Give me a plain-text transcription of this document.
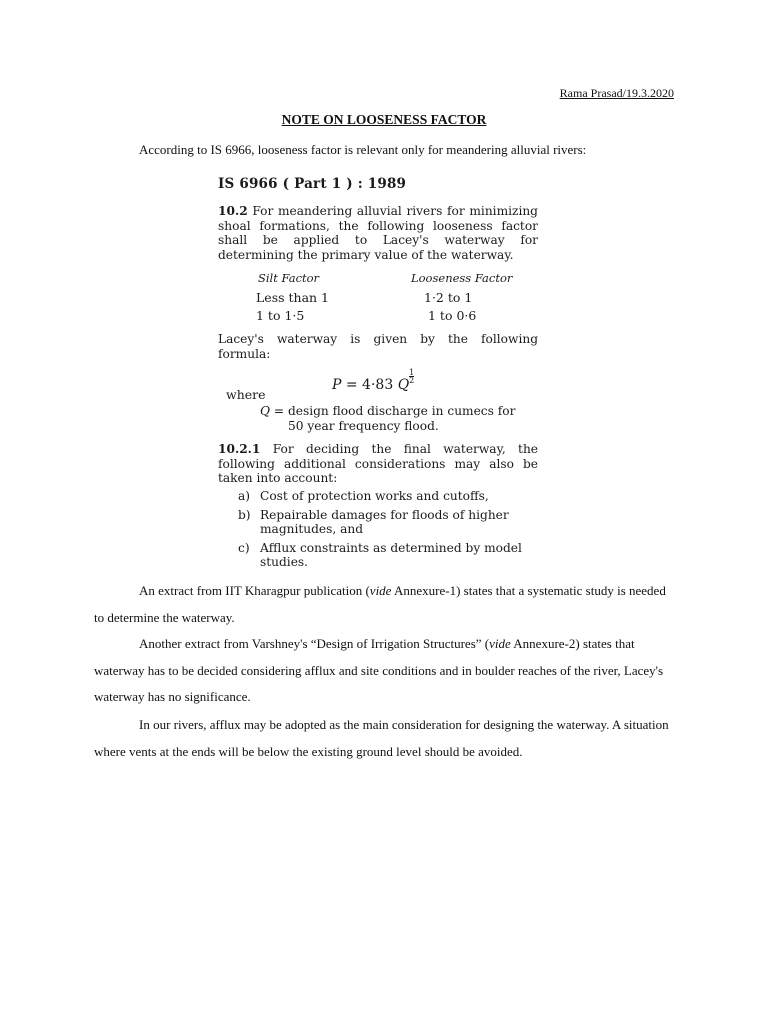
Rama Prasad/19.3.2020
NOTE ON LOOSENESS FACTOR
According to IS 6966, looseness factor is relevant only for meandering alluvial rivers:
IS 6966 ( Part 1 ) : 1989
10.2 For meandering alluvial rivers for minimizing shoal formations, the following looseness factor shall be applied to Lacey's waterway for determining the primary value of the waterway.
Silt Factor	Looseness Factor
Less than 1	1·2 to 1
1 to 1·5	1 to 0·6
Lacey's waterway is given by the following formula:
P = 4·83 Q
$\frac{1}{2}$
where
Q = design flood discharge in cumecs for
50 year frequency flood.
10.2.1 For deciding the final waterway, the following additional considerations may also be taken into account:
a) Cost of protection works and cutoffs,
b) Repairable damages for floods of higher magnitudes, and
c) Afflux constraints as determined by model studies.
An extract from IIT Kharagpur publication (vide Annexure-1) states that a systematic study is needed to determine the waterway.
Another extract from Varshney's “Design of Irrigation Structures” (vide Annexure-2) states that waterway has to be decided considering afflux and site conditions and in boulder reaches of the river, Lacey's waterway has no significance.
In our rivers, afflux may be adopted as the main consideration for designing the waterway. A situation where vents at the ends will be below the existing ground level should be avoided.
